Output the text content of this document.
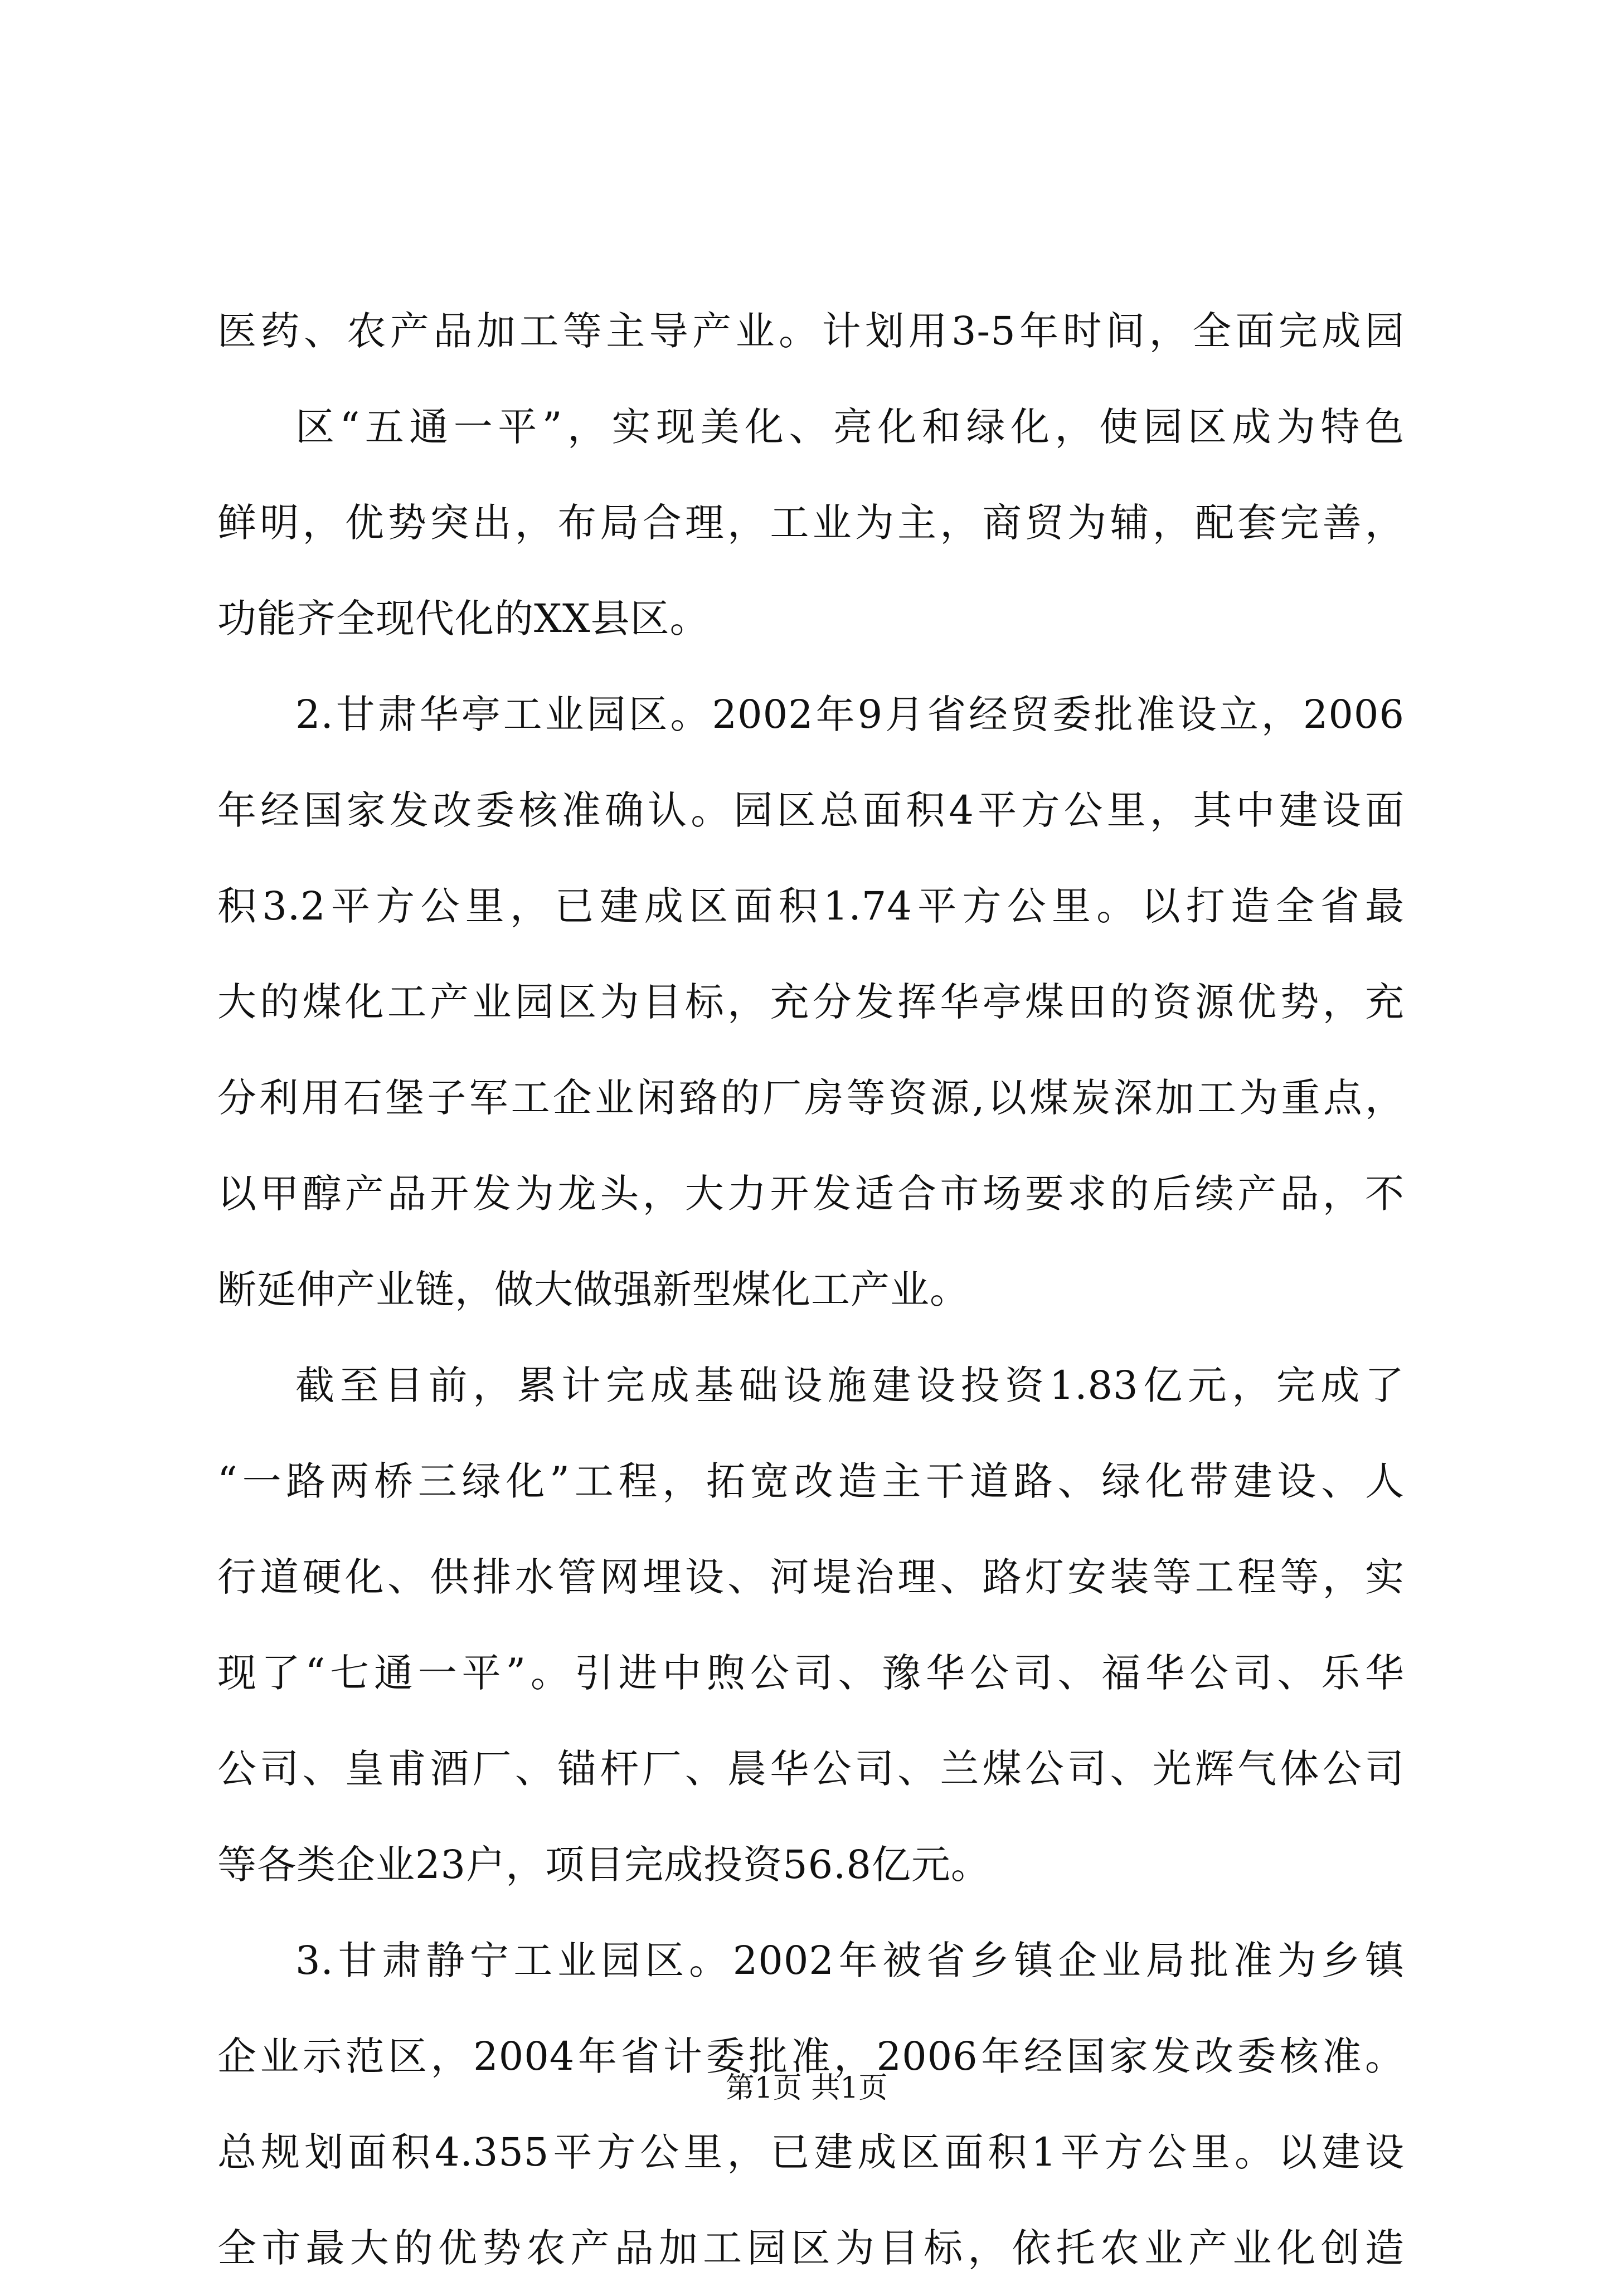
医药、农产品加工等主导产业。计划用3-5年时间，全面完成园
区“五通一平”，实现美化、亮化和绿化，使园区成为特色
鲜明，优势突出，布局合理，工业为主，商贸为辅，配套完善，
功能齐全现代化的XX县区。
2.甘肃华亭工业园区。2002年9月省经贸委批准设立，2006
年经国家发改委核准确认。园区总面积4平方公里，其中建设面
积3.2平方公里，已建成区面积1.74平方公里。以打造全省最
大的煤化工产业园区为目标，充分发挥华亭煤田的资源优势，充
分利用石堡子军工企业闲臵的厂房等资源,以煤炭深加工为重点，
以甲醇产品开发为龙头，大力开发适合市场要求的后续产品，不
断延伸产业链，做大做强新型煤化工产业。
截至目前，累计完成基础设施建设投资1.83亿元，完成了
“一路两桥三绿化”工程，拓宽改造主干道路、绿化带建设、人
行道硬化、供排水管网埋设、河堤治理、路灯安装等工程等，实
现了“七通一平”。引进中煦公司、豫华公司、福华公司、乐华
公司、皇甫酒厂、锚杆厂、晨华公司、兰煤公司、光辉气体公司
等各类企业23户，项目完成投资56.8亿元。
3.甘肃静宁工业园区。2002年被省乡镇企业局批准为乡镇
企业示范区，2004年省计委批准，2006年经国家发改委核准。
总规划面积4.355平方公里，已建成区面积1平方公里。以建设
全市最大的优势农产品加工园区为目标，依托农业产业化创造
第1页 共1页
